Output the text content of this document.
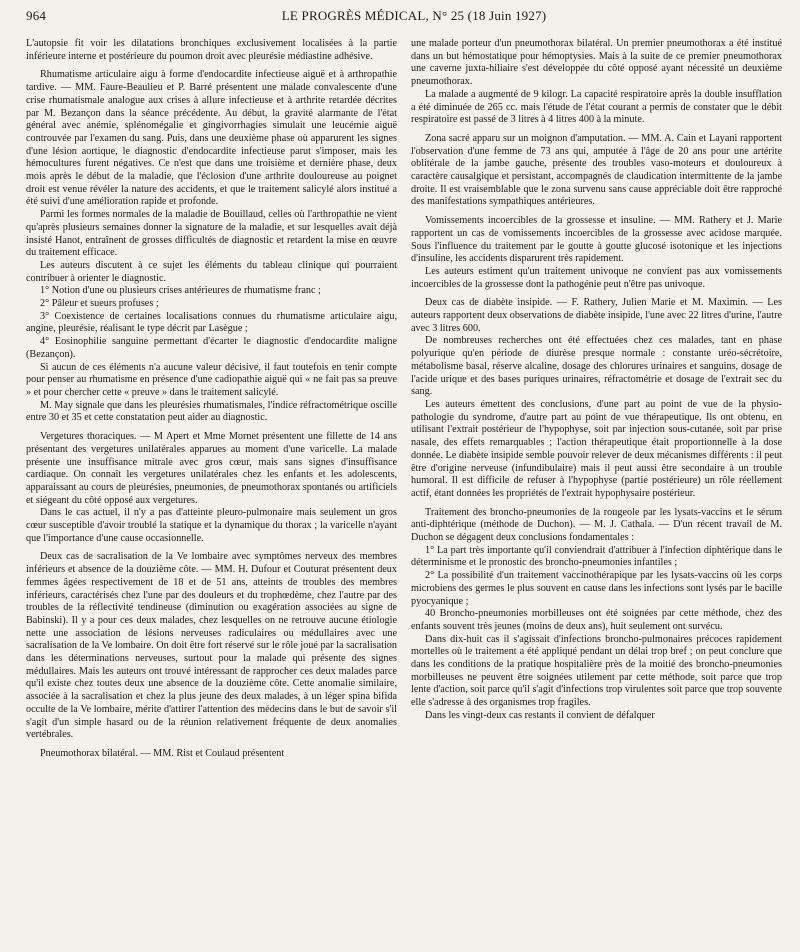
964	LE PROGRÈS MÉDICAL, N° 25 (18 Juin 1927)

L'autopsie fit voir les dilatations bronchiques exclusivement localisées à la partie inférieure interne et postérieure du poumon droit avec pleurésie médiastine adhésive.

Rhumatisme articulaire aigu à forme d'endocardite infectieuse aiguë et à arthropathie tardive. — MM. Faure-Beaulieu et P. Barré présentent une malade convalescente d'une crise rhumatismale analogue aux crises à allure infectieuse et à arthrite retardée décrites par M. Bezançon dans la séance précédente. Au début, la gravité alarmante de l'état général avec anémie, splénomégalie et gingivorrhagies simulait une leucémie aiguë controuvée par l'examen du sang. Puis, dans une deuxième phase où apparurent les signes d'une lésion aortique, le diagnostic d'endocardite infectieuse parut s'imposer, mais les hémocultures furent négatives. Ce n'est que dans une troisième et dernière phase, deux mois après le début de la maladie, que l'éclosion d'une arthrite douloureuse au poignet droit est venue révéler la nature des accidents, et que le traitement salicylé alors institué a été suivi d'une amélioration rapide et profonde.

Parmi les formes normales de la maladie de Bouillaud, celles où l'arthropathie ne vient qu'après plusieurs semaines donner la signature de la maladie, et sur lesquelles avait déjà insisté Hanot, entraînent de grosses difficultés de diagnostic et retardent la mise en œuvre du traitement efficace.

Les auteurs discutent à ce sujet les éléments du tableau clinique qui pourraient contribuer à orienter le diagnostic.

1° Notion d'une ou plusieurs crises antérieures de rhumatisme franc ;

2° Pâleur et sueurs profuses ;

3° Coexistence de certaines localisations connues du rhumatisme articulaire aigu, angine, pleurésie, réalisant le type décrit par Lasègue ;

4° Eosinophilie sanguine permettant d'écarter le diagnostic d'endocardite maligne (Bezançon).

Si aucun de ces éléments n'a aucune valeur décisive, il faut toutefois en tenir compte pour penser au rhumatisme en présence d'une cadiopathie aiguë qui « ne fait pas sa preuve » et pour chercher cette « preuve » dans le traitement salicylé.

M. May signale que dans les pleurésies rhumatismales, l'indice réfractométrique oscille entre 30 et 35 et cette constatation peut aider au diagnostic.

Vergetures thoraciques. — M Apert et Mme Mornet présentent une fillette de 14 ans présentant des vergetures unilatérales apparues au moment d'une varicelle. La malade présente une insuffisance mitrale avec gros cœur, mais sans signes d'insuffisance cardiaque. On connaît les vergetures unilatérales chez les enfants et les adolescents, apparaissant au cours de pleurésies, pneumonies, de pneumothorax spontanés ou artificiels et siégeant du côté opposé aux vergetures.

Dans le cas actuel, il n'y a pas d'atteinte pleuro-pulmonaire mais seulement un gros cœur susceptible d'avoir troublé la statique et la dynamique du thorax ; la varicelle n'ayant que l'importance d'une cause occasionnelle.

Deux cas de sacralisation de la Ve lombaire avec symptômes nerveux des membres inférieurs et absence de la douzième côte. — MM. H. Dufour et Couturat présentent deux femmes âgées respectivement de 18 et de 51 ans, atteints de troubles des membres inférieurs, caractérisés chez l'une par des douleurs et du trophœdème, chez l'autre par des troubles de la réflectivité tendineuse (diminution ou exagération associées au signe de Babinski). Il y a pour ces deux malades, chez lesquelles on ne retrouve aucune étiologie nette une association de lésions nerveuses radiculaires ou médullaires avec une sacralisation de la Ve lombaire. On doit être fort réservé sur le rôle joué par la sacralisation dans les déterminations nerveuses, surtout pour la malade qui présente des signes médullaires. Mais les auteurs ont trouvé intéressant de rapprocher ces deux malades parce qu'il existe chez toutes deux une absence de la douzième côte. Cette anomalie similaire, associée à la sacralisation et chez la plus jeune des deux malades, à un léger spina bifida occulte de la Ve lombaire, mérite d'attirer l'attention des médecins dans le but de savoir s'il s'agit d'un simple hasard ou de la réunion relativement fréquente de deux anomalies vertébrales.

Pneumothorax bilatéral. — MM. Rist et Coulaud présentent

une malade porteur d'un pneumothorax bilatéral. Un premier pneumothorax a été institué dans un but hémostatique pour hémoptysies. Mais à la suite de ce premier pneumothorax une caverne juxta-hiliaire s'est développée du côté opposé ayant nécessité un deuxième pneumothorax.

La malade a augmenté de 9 kilogr. La capacité respiratoire après la double insufflation a été diminuée de 265 cc. mais l'étude de l'état courant a permis de constater que le débit respiratoire est passé de 3 litres à 4 litres 400 à la minute.

Zona sacré apparu sur un moignon d'amputation. — MM. A. Cain et Layani rapportent l'observation d'une femme de 73 ans qui, amputée à l'âge de 20 ans pour une artérite oblitérale de la jambe gauche, présente des troubles vaso-moteurs et douloureux à caractère causalgique et persistant, accompagnés de claudication intermittente de la jambe droite. Il est vraisemblable que le zona survenu sans cause appréciable doit être rapproché des manifestations sympathiques antérieures.

Vomissements incoercibles de la grossesse et insuline. — MM. Rathery et J. Marie rapportent un cas de vomissements incoercibles de la grossesse avec acidose marquée. Sous l'influence du traitement par le goutte à goutte glucosé isotonique et les injections d'insuline, les accidents disparurent très rapidement.

Les auteurs estiment qu'un traitement univoque ne convient pas aux vomissements incoercibles de la grossesse dont la pathogénie peut n'être pas univoque.

Deux cas de diabète insipide. — F. Rathery, Julien Marie et M. Maximin. — Les auteurs rapportent deux observations de diabète insipide, l'une avec 22 litres d'urine, l'autre avec 3 litres 600.

De nombreuses recherches ont été effectuées chez ces malades, tant en phase polyurique qu'en période de diurèse presque normale : constante uréo-sécrétoire, métabolisme basal, réserve alcaline, dosage des chlorures urinaires et sanguins, dosage de l'acide urique et des bases puriques urinaires, réfractométrie et dosage de l'extrait sec du sang.

Les auteurs émettent des conclusions, d'une part au point de vue de la physio-pathologie du syndrome, d'autre part au point de vue thérapeutique. Ils ont obtenu, en utilisant l'extrait postérieur de l'hypophyse, soit par injection sous-cutanée, soit par prise nasale, des effets remarquables ; l'action thérapeutique était proportionnelle à la dose donnée. Le diabète insipide semble pouvoir relever de deux mécanismes différents : il peut être d'origine nerveuse (infundibulaire) mais il peut aussi être secondaire à un trouble humoral. Il est difficile de refuser à l'hypophyse (partie postérieure) un rôle réellement actif, étant données les propriétés de l'extrait hypophysaire postérieur.

Traitement des broncho-pneumonies de la rougeole par les lysats-vaccins et le sérum anti-diphtérique (méthode de Duchon). — M. J. Cathala. — D'un récent travail de M. Duchon se dégagent deux conclusions fondamentales :

1° La part très importante qu'il conviendrait d'attribuer à l'infection diphtérique dans le déterminisme et le pronostic des broncho-pneumonies infantiles ;

2° La possibilité d'un traitement vaccinothérapique par les lysats-vaccins où les corps microbiens des germes le plus souvent en cause dans les infections sont lysés par le bacille pyocyanique ;

40 Broncho-pneumonies morbilleuses ont été soignées par cette méthode, chez des enfants souvent très jeunes (moins de deux ans), huit seulement ont survécu.

Dans dix-huit cas il s'agissait d'infections broncho-pulmonaires précoces rapidement mortelles où le traitement a été appliqué pendant un délai trop bref ; on peut conclure que dans les conditions de la pratique hospitalière près de la moitié des broncho-pneumonies morbilleuses ne peuvent être soignées utilement par cette méthode, soit parce que trop lente d'action, soit parce qu'il s'agit d'infections trop virulentes soit parce que trop souvente elle s'adresse à des organismes trop fragiles.

Dans les vingt-deux cas restants il convient de défalquer
